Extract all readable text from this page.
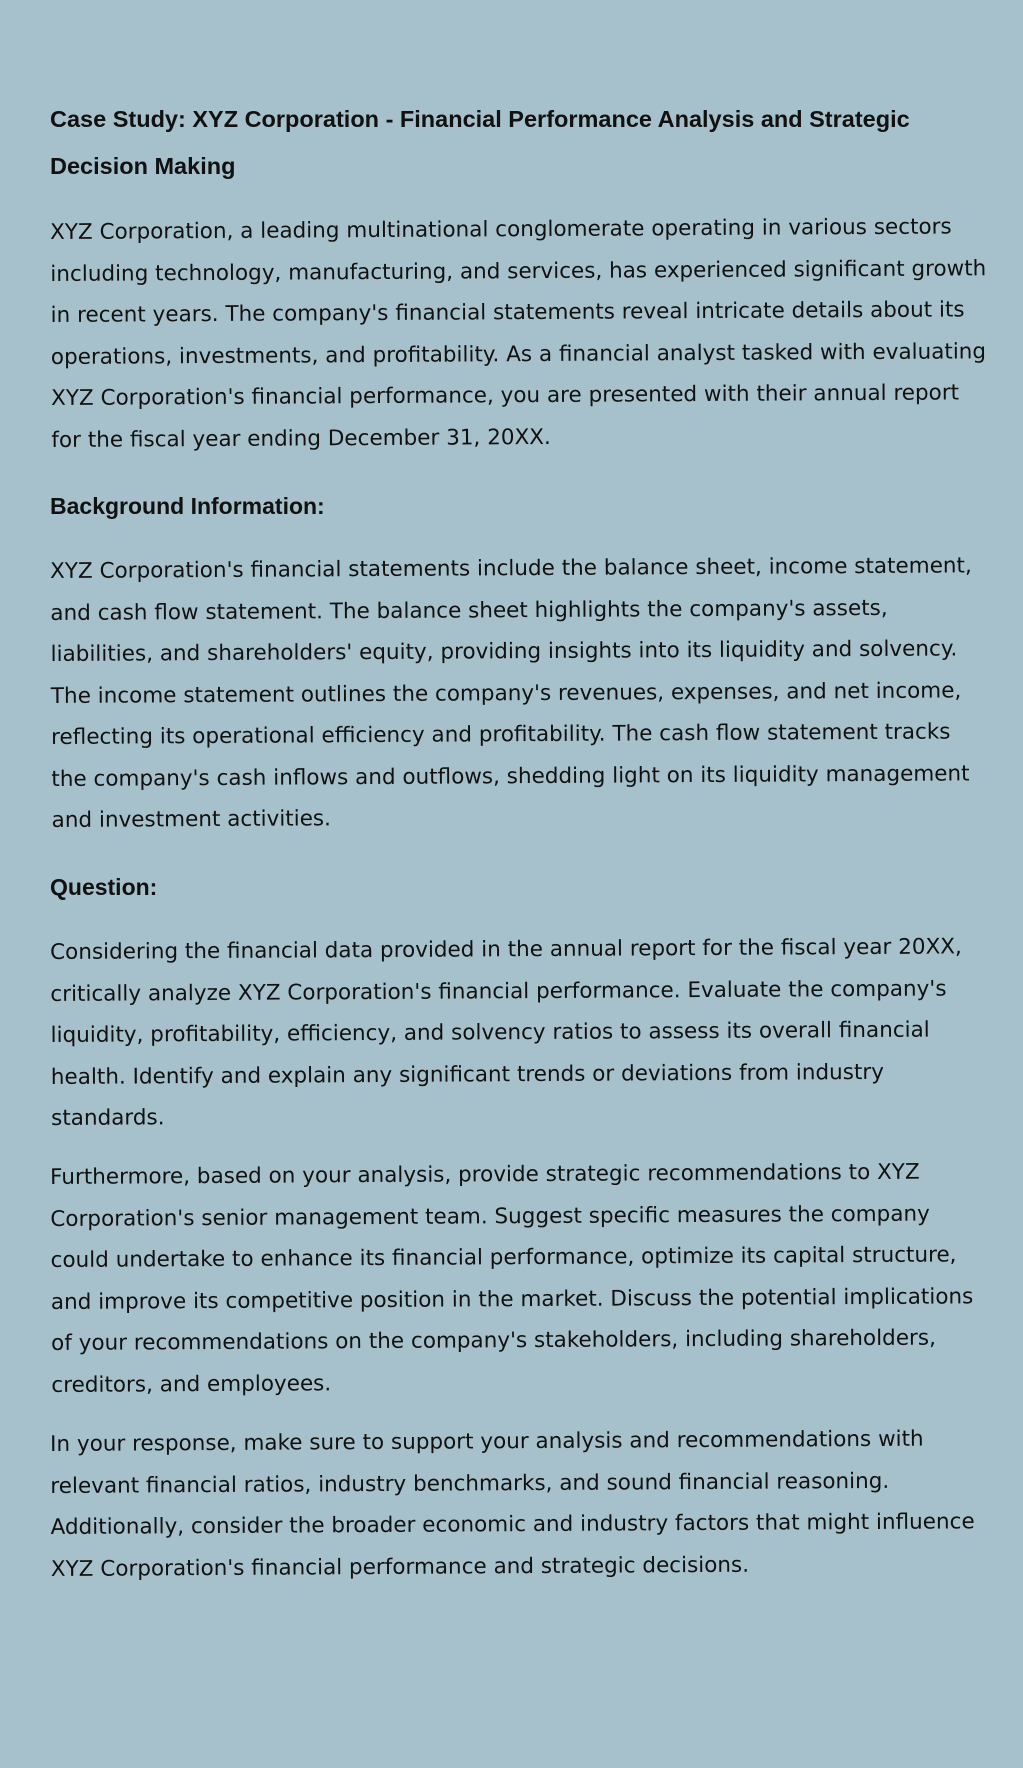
Case Study: XYZ Corporation - Financial Performance Analysis and Strategic Decision Making

XYZ Corporation, a leading multinational conglomerate operating in various sectors including technology, manufacturing, and services, has experienced significant growth in recent years. The company's financial statements reveal intricate details about its operations, investments, and profitability. As a financial analyst tasked with evaluating XYZ Corporation's financial performance, you are presented with their annual report for the fiscal year ending December 31, 20XX.

Background Information:

XYZ Corporation's financial statements include the balance sheet, income statement, and cash flow statement. The balance sheet highlights the company's assets, liabilities, and shareholders' equity, providing insights into its liquidity and solvency. The income statement outlines the company's revenues, expenses, and net income, reflecting its operational efficiency and profitability. The cash flow statement tracks the company's cash inflows and outflows, shedding light on its liquidity management and investment activities.

Question:

Considering the financial data provided in the annual report for the fiscal year 20XX, critically analyze XYZ Corporation's financial performance. Evaluate the company's liquidity, profitability, efficiency, and solvency ratios to assess its overall financial health. Identify and explain any significant trends or deviations from industry standards.

Furthermore, based on your analysis, provide strategic recommendations to XYZ Corporation's senior management team. Suggest specific measures the company could undertake to enhance its financial performance, optimize its capital structure, and improve its competitive position in the market. Discuss the potential implications of your recommendations on the company's stakeholders, including shareholders, creditors, and employees.

In your response, make sure to support your analysis and recommendations with relevant financial ratios, industry benchmarks, and sound financial reasoning. Additionally, consider the broader economic and industry factors that might influence XYZ Corporation's financial performance and strategic decisions.
